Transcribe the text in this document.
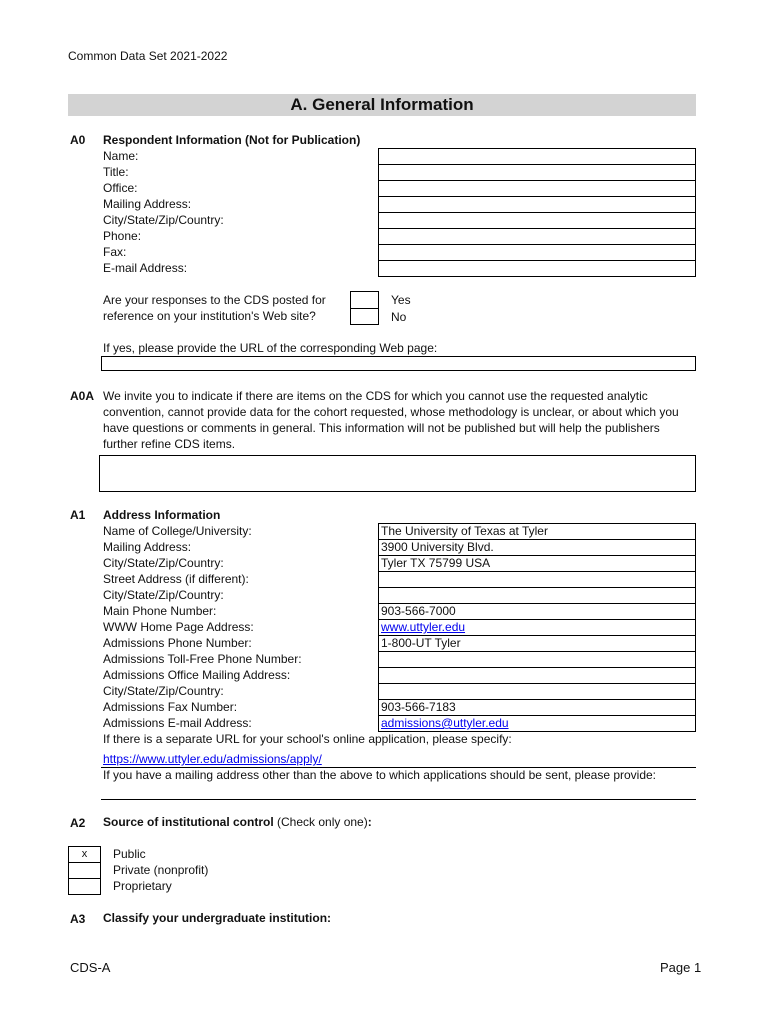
Common Data Set 2021-2022
A. General Information
A0 Respondent Information (Not for Publication)
Name:
Title:
Office:
Mailing Address:
City/State/Zip/Country:
Phone:
Fax:
E-mail Address:
Are your responses to the CDS posted for
reference on your institution's Web site?
Yes
No
If yes, please provide the URL of the corresponding Web page:
A0A We invite you to indicate if there are items on the CDS for which you cannot use the requested analytic convention, cannot provide data for the cohort requested, whose methodology is unclear, or about which you have questions or comments in general. This information will not be published but will help the publishers further refine CDS items.
A1 Address Information
Name of College/University:	The University of Texas at Tyler
Mailing Address:	3900 University Blvd.
City/State/Zip/Country:	Tyler TX 75799 USA
Street Address (if different):
City/State/Zip/Country:
Main Phone Number:	903-566-7000
WWW Home Page Address:	www.uttyler.edu
Admissions Phone Number:	1-800-UT Tyler
Admissions Toll-Free Phone Number:
Admissions Office Mailing Address:
City/State/Zip/Country:
Admissions Fax Number:	903-566-7183
Admissions E-mail Address:	admissions@uttyler.edu
If there is a separate URL for your school's online application, please specify:
https://www.uttyler.edu/admissions/apply/
If you have a mailing address other than the above to which applications should be sent, please provide:
A2 Source of institutional control (Check only one):
x	Public
Private (nonprofit)
Proprietary
A3 Classify your undergraduate institution:
CDS-A	Page 1
